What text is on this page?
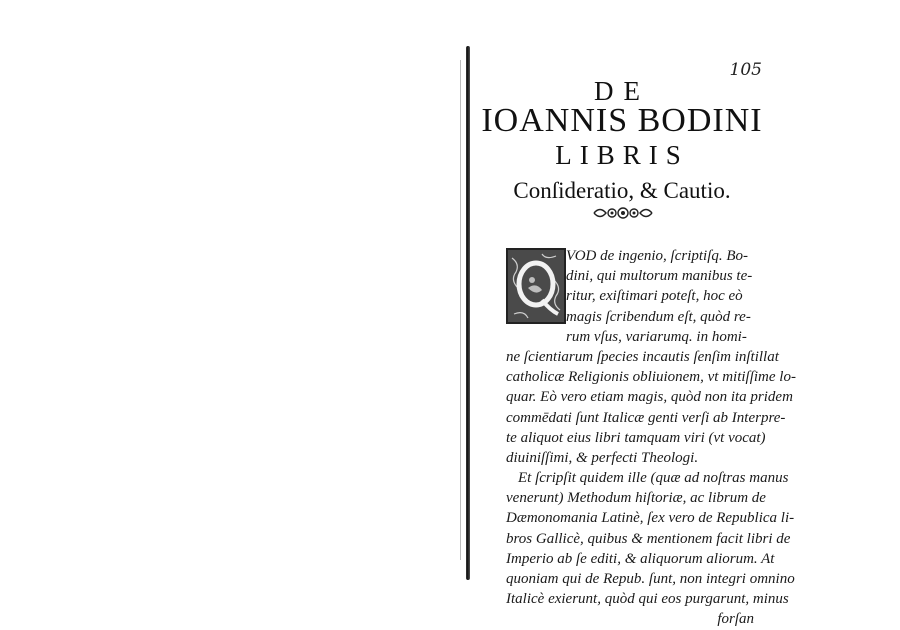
105
DE
IOANNIS BODINI
LIBRIS
Conſideratio, & Cautio.
VOD de ingenio, ſcriptiſq. Bo-
dini, qui multorum manibus te-
ritur, exiſtimari poteſt, hoc eò
magis ſcribendum eſt, quòd re-
rum vſus, variarumq. in homi-
ne ſcientiarum ſpecies incautis ſenſim inſtillat
catholicæ Religionis obliuionem, vt mitiſſime lo-
quar. Eò vero etiam magis, quòd non ita pridem
commēdati ſunt Italicæ genti verſi ab Interpre-
te aliquot eius libri tamquam viri (vt vocat)
diuiniſſimi, & perfecti Theologi.
Et ſcripſit quidem ille (quæ ad noſtras manus
venerunt) Methodum hiſtoriæ, ac librum de
Dæmonomania Latinè, ſex vero de Republica li-
bros Gallicè, quibus & mentionem facit libri de
Imperio ab ſe editi, & aliquorum aliorum. At
quoniam qui de Repub. ſunt, non integri omnino
Italicè exierunt, quòd qui eos purgarunt, minus
forſan
